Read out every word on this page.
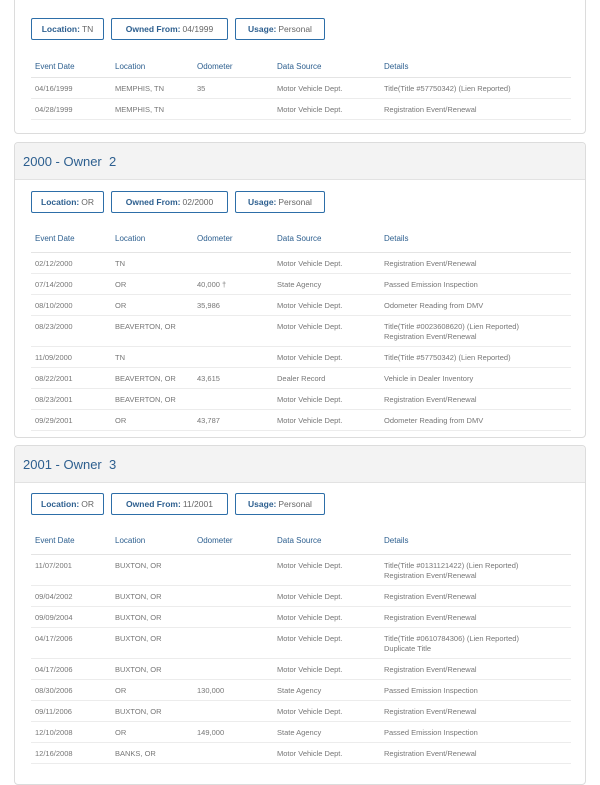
Location: TN	Owned From: 04/1999	Usage: Personal
Event Date	Location	Odometer	Data Source	Details
04/16/1999	MEMPHIS, TN	35	Motor Vehicle Dept.	Title(Title #57750342) (Lien Reported)

04/28/1999	MEMPHIS, TN		Motor Vehicle Dept.	Registration Event/Renewal
2000 - Owner  2
Location: OR	Owned From: 02/2000	Usage: Personal
Event Date	Location	Odometer	Data Source	Details
02/12/2000	TN		Motor Vehicle Dept.	Registration Event/Renewal

07/14/2000	OR	40,000 †	State Agency	Passed Emission Inspection

08/10/2000	OR	35,986	Motor Vehicle Dept.	Odometer Reading from DMV

08/23/2000	BEAVERTON, OR		Motor Vehicle Dept.	Title(Title #0023608620) (Lien Reported)
Registration Event/Renewal

11/09/2000	TN		Motor Vehicle Dept.	Title(Title #57750342) (Lien Reported)

08/22/2001	BEAVERTON, OR	43,615	Dealer Record	Vehicle in Dealer Inventory

08/23/2001	BEAVERTON, OR		Motor Vehicle Dept.	Registration Event/Renewal

09/29/2001	OR	43,787	Motor Vehicle Dept.	Odometer Reading from DMV
2001 - Owner  3
Location: OR	Owned From: 11/2001	Usage: Personal
Event Date	Location	Odometer	Data Source	Details
11/07/2001	BUXTON, OR		Motor Vehicle Dept.	Title(Title #0131121422) (Lien Reported)
Registration Event/Renewal

09/04/2002	BUXTON, OR		Motor Vehicle Dept.	Registration Event/Renewal

09/09/2004	BUXTON, OR		Motor Vehicle Dept.	Registration Event/Renewal

04/17/2006	BUXTON, OR		Motor Vehicle Dept.	Title(Title #0610784306) (Lien Reported)
Duplicate Title

04/17/2006	BUXTON, OR		Motor Vehicle Dept.	Registration Event/Renewal

08/30/2006	OR	130,000	State Agency	Passed Emission Inspection

09/11/2006	BUXTON, OR		Motor Vehicle Dept.	Registration Event/Renewal

12/10/2008	OR	149,000	State Agency	Passed Emission Inspection

12/16/2008	BANKS, OR		Motor Vehicle Dept.	Registration Event/Renewal
